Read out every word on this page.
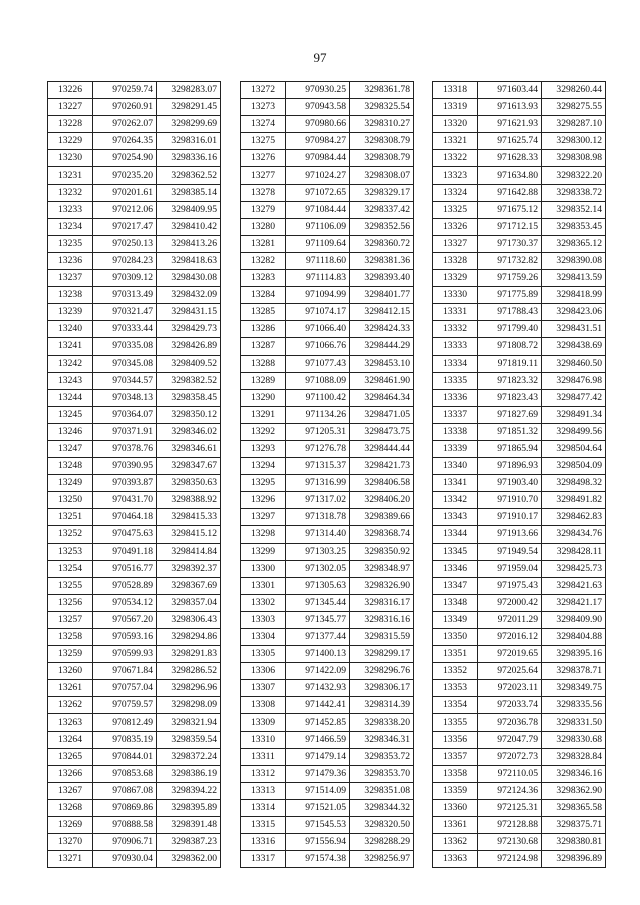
97
13226	970259.74	3298283.07
13227	970260.91	3298291.45
13228	970262.07	3298299.69
13229	970264.35	3298316.01
13230	970254.90	3298336.16
13231	970235.20	3298362.52
13232	970201.61	3298385.14
13233	970212.06	3298409.95
13234	970217.47	3298410.42
13235	970250.13	3298413.26
13236	970284.23	3298418.63
13237	970309.12	3298430.08
13238	970313.49	3298432.09
13239	970321.47	3298431.15
13240	970333.44	3298429.73
13241	970335.08	3298426.89
13242	970345.08	3298409.52
13243	970344.57	3298382.52
13244	970348.13	3298358.45
13245	970364.07	3298350.12
13246	970371.91	3298346.02
13247	970378.76	3298346.61
13248	970390.95	3298347.67
13249	970393.87	3298350.63
13250	970431.70	3298388.92
13251	970464.18	3298415.33
13252	970475.63	3298415.12
13253	970491.18	3298414.84
13254	970516.77	3298392.37
13255	970528.89	3298367.69
13256	970534.12	3298357.04
13257	970567.20	3298306.43
13258	970593.16	3298294.86
13259	970599.93	3298291.83
13260	970671.84	3298286.52
13261	970757.04	3298296.96
13262	970759.57	3298298.09
13263	970812.49	3298321.94
13264	970835.19	3298359.54
13265	970844.01	3298372.24
13266	970853.68	3298386.19
13267	970867.08	3298394.22
13268	970869.86	3298395.89
13269	970888.58	3298391.48
13270	970906.71	3298387.23
13271	970930.04	3298362.00
13272	970930.25	3298361.78
13273	970943.58	3298325.54
13274	970980.66	3298310.27
13275	970984.27	3298308.79
13276	970984.44	3298308.79
13277	971024.27	3298308.07
13278	971072.65	3298329.17
13279	971084.44	3298337.42
13280	971106.09	3298352.56
13281	971109.64	3298360.72
13282	971118.60	3298381.36
13283	971114.83	3298393.40
13284	971094.99	3298401.77
13285	971074.17	3298412.15
13286	971066.40	3298424.33
13287	971066.76	3298444.29
13288	971077.43	3298453.10
13289	971088.09	3298461.90
13290	971100.42	3298464.34
13291	971134.26	3298471.05
13292	971205.31	3298473.75
13293	971276.78	3298444.44
13294	971315.37	3298421.73
13295	971316.99	3298406.58
13296	971317.02	3298406.20
13297	971318.78	3298389.66
13298	971314.40	3298368.74
13299	971303.25	3298350.92
13300	971302.05	3298348.97
13301	971305.63	3298326.90
13302	971345.44	3298316.17
13303	971345.77	3298316.16
13304	971377.44	3298315.59
13305	971400.13	3298299.17
13306	971422.09	3298296.76
13307	971432.93	3298306.17
13308	971442.41	3298314.39
13309	971452.85	3298338.20
13310	971466.59	3298346.31
13311	971479.14	3298353.72
13312	971479.36	3298353.70
13313	971514.09	3298351.08
13314	971521.05	3298344.32
13315	971545.53	3298320.50
13316	971556.94	3298288.29
13317	971574.38	3298256.97
13318	971603.44	3298260.44
13319	971613.93	3298275.55
13320	971621.93	3298287.10
13321	971625.74	3298300.12
13322	971628.33	3298308.98
13323	971634.80	3298322.20
13324	971642.88	3298338.72
13325	971675.12	3298352.14
13326	971712.15	3298353.45
13327	971730.37	3298365.12
13328	971732.82	3298390.08
13329	971759.26	3298413.59
13330	971775.89	3298418.99
13331	971788.43	3298423.06
13332	971799.40	3298431.51
13333	971808.72	3298438.69
13334	971819.11	3298460.50
13335	971823.32	3298476.98
13336	971823.43	3298477.42
13337	971827.69	3298491.34
13338	971851.32	3298499.56
13339	971865.94	3298504.64
13340	971896.93	3298504.09
13341	971903.40	3298498.32
13342	971910.70	3298491.82
13343	971910.17	3298462.83
13344	971913.66	3298434.76
13345	971949.54	3298428.11
13346	971959.04	3298425.73
13347	971975.43	3298421.63
13348	972000.42	3298421.17
13349	972011.29	3298409.90
13350	972016.12	3298404.88
13351	972019.65	3298395.16
13352	972025.64	3298378.71
13353	972023.11	3298349.75
13354	972033.74	3298335.56
13355	972036.78	3298331.50
13356	972047.79	3298330.68
13357	972072.73	3298328.84
13358	972110.05	3298346.16
13359	972124.36	3298362.90
13360	972125.31	3298365.58
13361	972128.88	3298375.71
13362	972130.68	3298380.81
13363	972124.98	3298396.89
